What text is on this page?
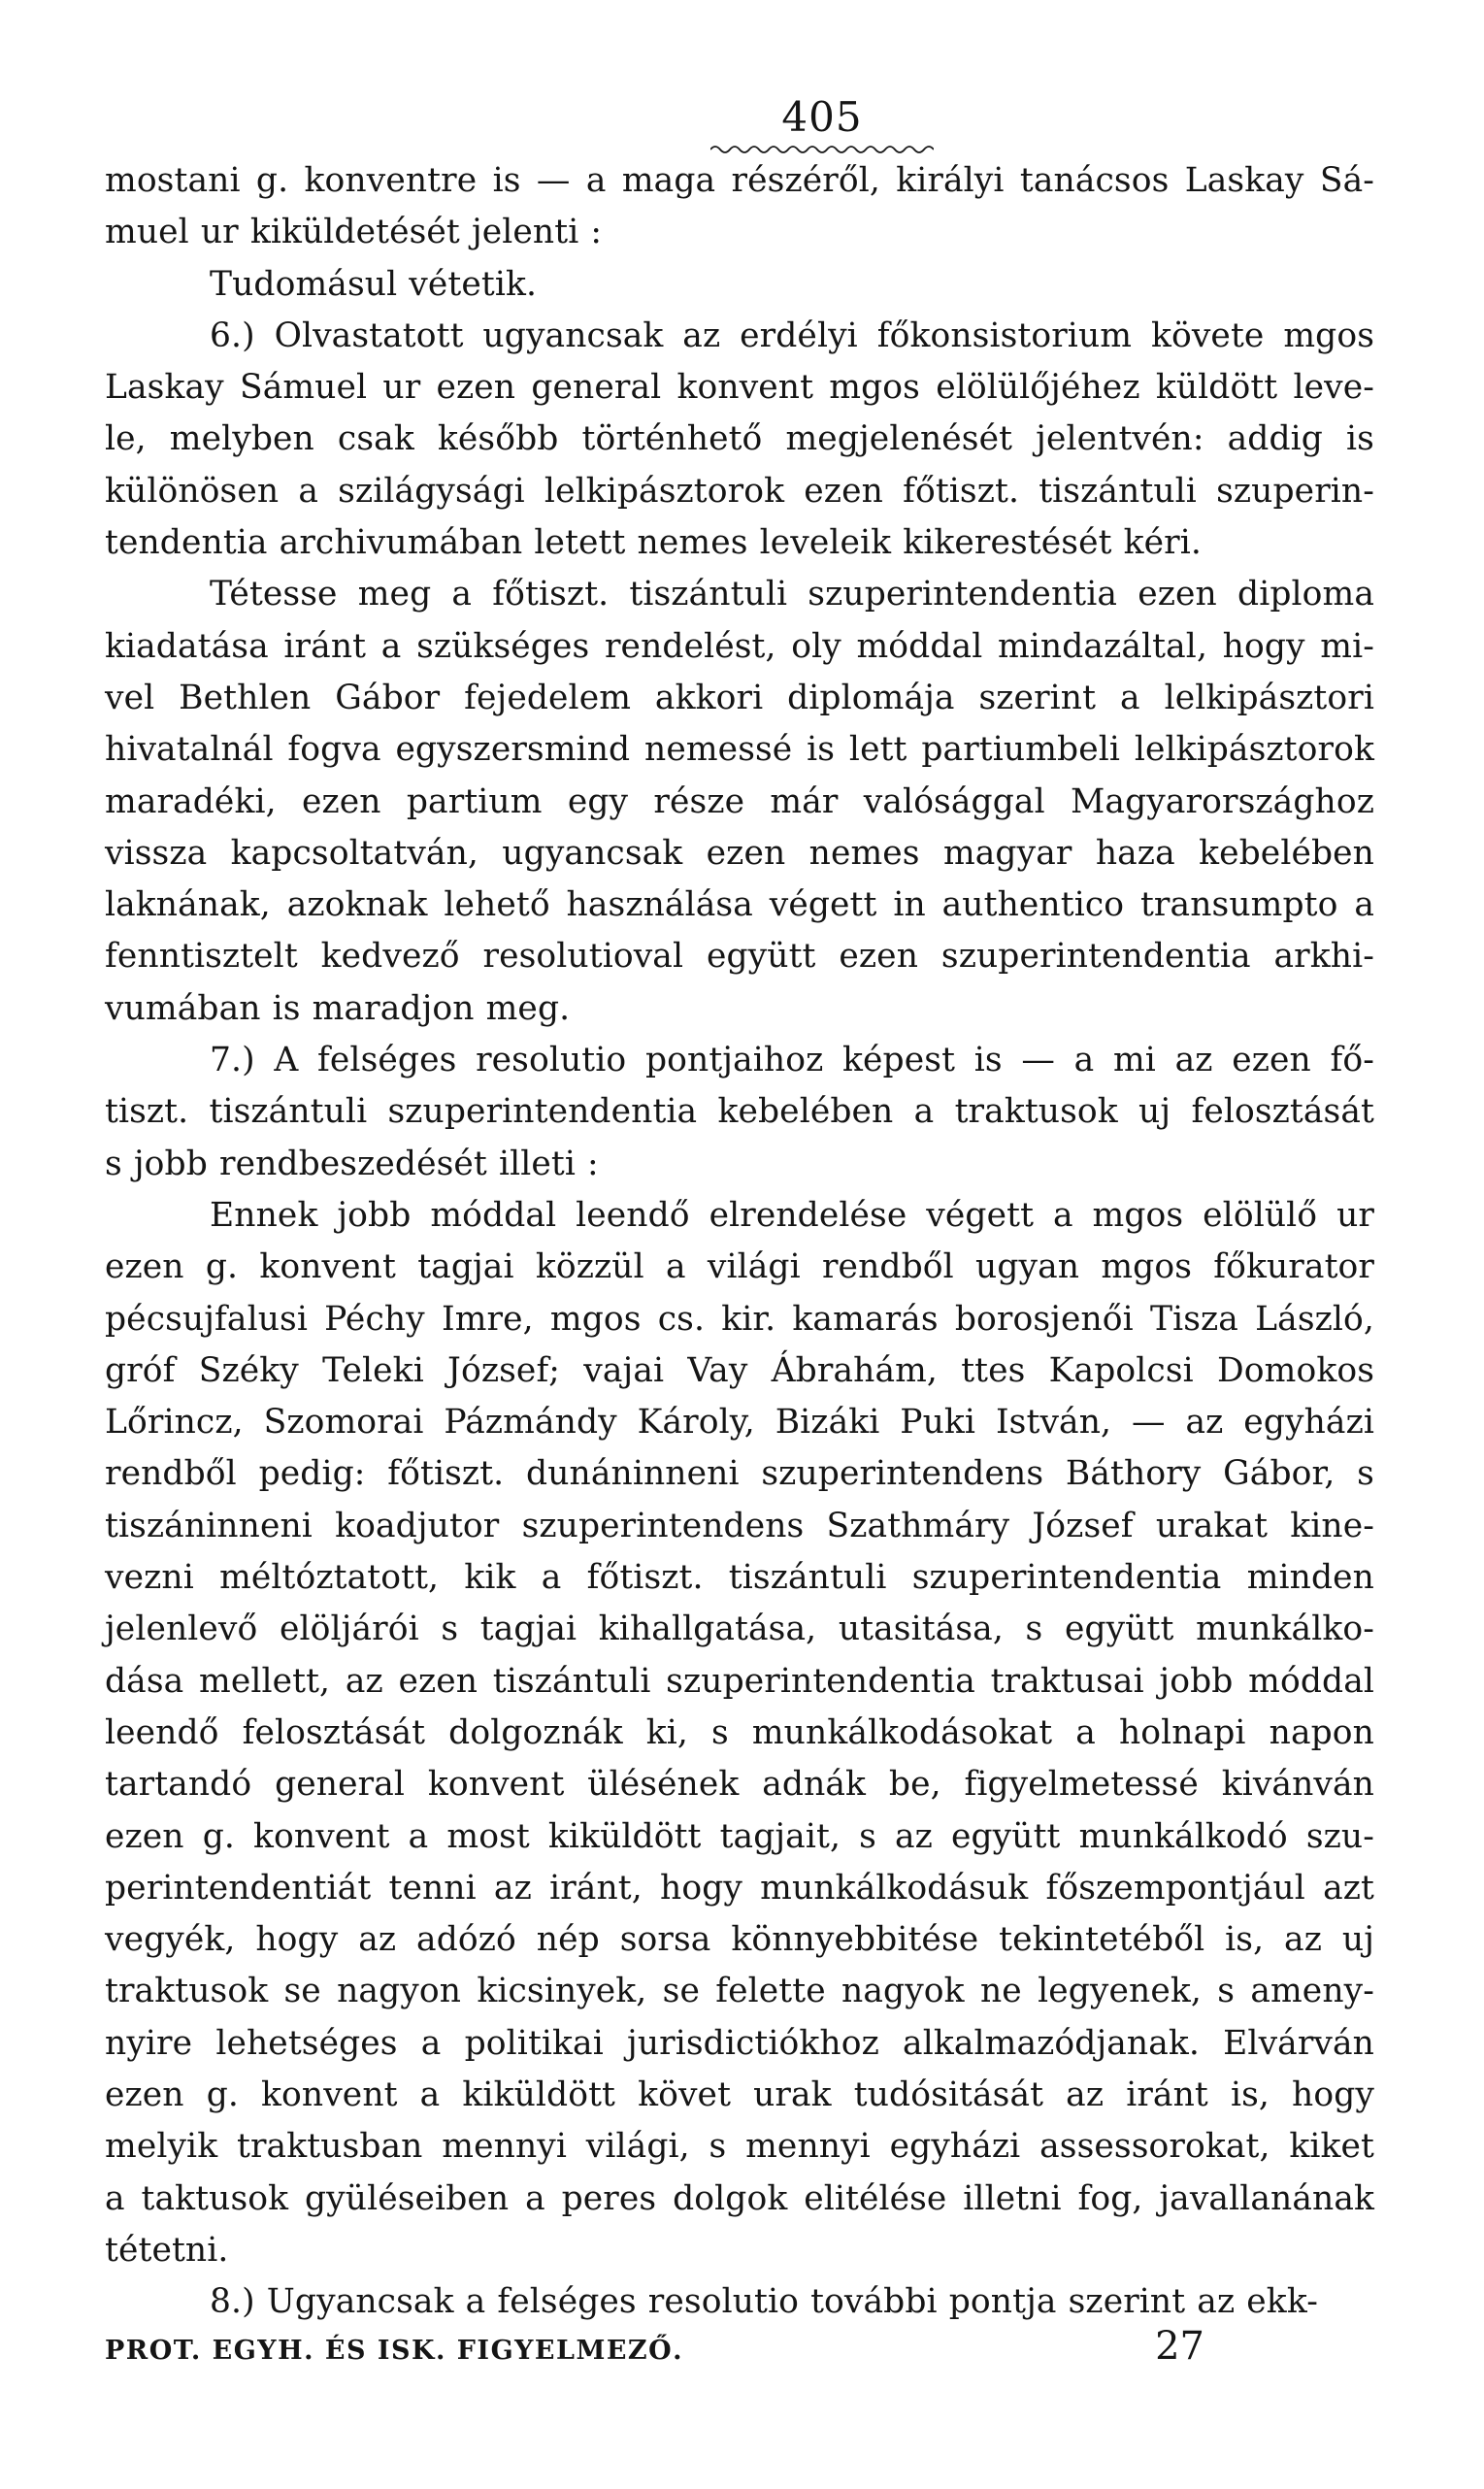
405

mostani g. konventre is — a maga részéről, királyi tanácsos Laskay Sá-
muel ur kiküldetését jelenti :

Tudomásul vétetik.

6.) Olvastatott ugyancsak az erdélyi főkonsistorium követe mgos
Laskay Sámuel ur ezen general konvent mgos elölülőjéhez küldött leve-
le, melyben csak később történhető megjelenését jelentvén: addig is
különösen a szilágysági lelkipásztorok ezen főtiszt. tiszántuli szuperin-
tendentia archivumában letett nemes leveleik kikerestését kéri.

Tétesse meg a főtiszt. tiszántuli szuperintendentia ezen diploma
kiadatása iránt a szükséges rendelést, oly móddal mindazáltal, hogy mi-
vel Bethlen Gábor fejedelem akkori diplomája szerint a lelkipásztori
hivatalnál fogva egyszersmind nemessé is lett partiumbeli lelkipásztorok
maradéki, ezen partium egy része már valósággal Magyarországhoz
vissza kapcsoltatván, ugyancsak ezen nemes magyar haza kebelében
laknának, azoknak lehető használása végett in authentico transumpto a
fenntisztelt kedvező resolutioval együtt ezen szuperintendentia arkhi-
vumában is maradjon meg.

7.) A felséges resolutio pontjaihoz képest is — a mi az ezen fő-
tiszt. tiszántuli szuperintendentia kebelében a traktusok uj felosztását
s jobb rendbeszedését illeti :

Ennek jobb móddal leendő elrendelése végett a mgos elölülő ur
ezen g. konvent tagjai közzül a világi rendből ugyan mgos főkurator
pécsujfalusi Péchy Imre, mgos cs. kir. kamarás borosjenői Tisza László,
gróf Széky Teleki József; vajai Vay Ábrahám, ttes Kapolcsi Domokos
Lőrincz, Szomorai Pázmándy Károly, Bizáki Puki István, — az egyházi
rendből pedig: főtiszt. dunáninneni szuperintendens Báthory Gábor, s
tiszáninneni koadjutor szuperintendens Szathmáry József urakat kine-
vezni méltóztatott, kik a főtiszt. tiszántuli szuperintendentia minden
jelenlevő elöljárói s tagjai kihallgatása, utasitása, s együtt munkálko-
dása mellett, az ezen tiszántuli szuperintendentia traktusai jobb móddal
leendő felosztását dolgoznák ki, s munkálkodásokat a holnapi napon
tartandó general konvent ülésének adnák be, figyelmetessé kivánván
ezen g. konvent a most kiküldött tagjait, s az együtt munkálkodó szu-
perintendentiát tenni az iránt, hogy munkálkodásuk főszempontjául azt
vegyék, hogy az adózó nép sorsa könnyebbitése tekintetéből is, az uj
traktusok se nagyon kicsinyek, se felette nagyok ne legyenek, s ameny-
nyire lehetséges a politikai jurisdictiókhoz alkalmazódjanak. Elvárván
ezen g. konvent a kiküldött követ urak tudósitását az iránt is, hogy
melyik traktusban mennyi világi, s mennyi egyházi assessorokat, kiket
a taktusok gyüléseiben a peres dolgok elitélése illetni fog, javallanának
tétetni.

8.) Ugyancsak a felséges resolutio további pontja szerint az ekk-

PROT. EGYH. ÉS ISK. FIGYELMEZŐ.	27
